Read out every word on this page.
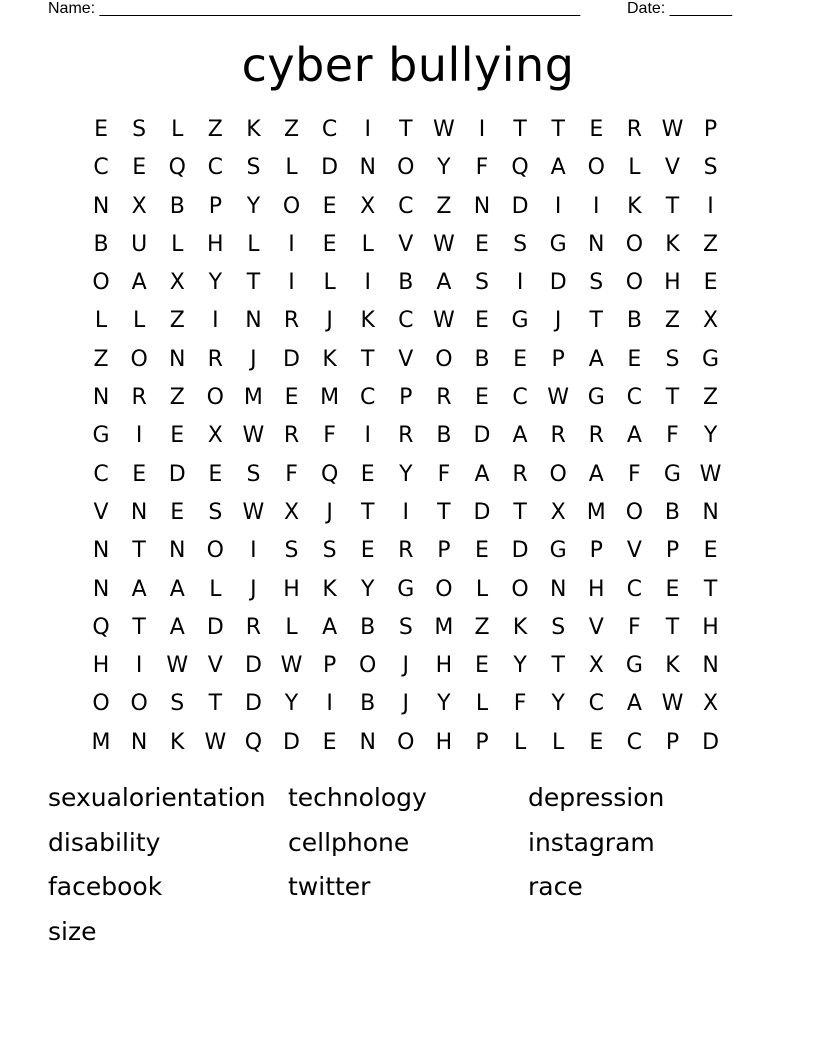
Name: ______________________________________________________	Date: _______
cyber bullying
E	S	L	Z	K	Z	C	I	T W	I	T	T	E	R W P
C	E	Q C	S	L	D N O	Y	F	Q A O	L	V	S
N	X	B	P	Y	O	E	X	C	Z	N D	I	I	K	T	I
B	U	L	H	L	I	E	L	V W E	S	G N O	K	Z
O A	X	Y	T	I	L	I	B	A	S	I	D	S	O H	E
L	L	Z	I	N	R	J	K	C W E	G	J	T	B	Z	X
Z O N	R	J	D	K	T	V O B	E	P	A	E	S	G
N	R	Z O M E M C	P	R	E	C W G C	T	Z
G	I	E	X W R	F	I	R	B	D	A	R	R	A	F	Y
C	E	D	E	S	F	Q	E	Y	F	A	R O A	F	G W
V	N	E	S W X	J	T	I	T	D	T	X M O B	N
N	T	N O	I	S	S	E	R	P	E	D G	P	V	P	E
N	A	A	L	J	H	K	Y	G O	L	O N H	C	E	T
Q	T	A	D R	L	A	B	S M Z	K	S	V	F	T	H
H	I	W V	D W P	O	J	H	E	Y	T	X	G	K	N
O O	S	T	D	Y	I	B	J	Y	L	F	Y	C	A W X
M N	K W Q D	E	N O H	P	L	L	E	C	P	D
sexualorientation technology	depression
disability	cellphone	instagram
facebook	twitter	race
size
